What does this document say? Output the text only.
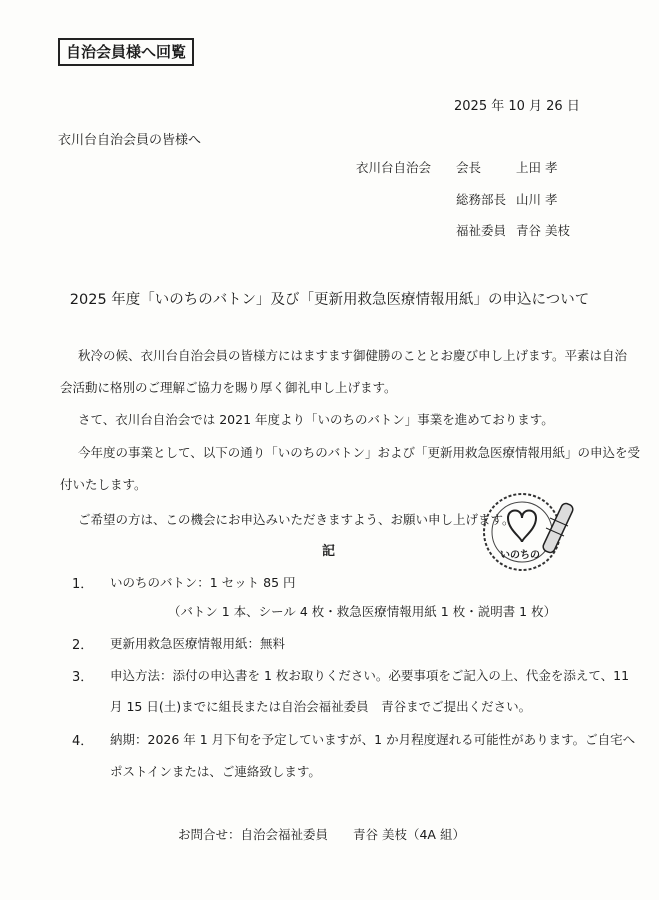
自治会員様へ回覧
2025 年 10 月 26 日
衣川台自治会員の皆様へ
衣川台自治会 会長	上田 孝
総務部長 山川 孝
福祉委員 青谷 美枝
2025 年度「いのちのバトン」及び「更新用救急医療情報用紙」の申込について
秋冷の候、衣川台自治会員の皆様方にはますます御健勝のこととお慶び申し上げます。平素は自治
会活動に格別のご理解ご協力を賜り厚く御礼申し上げます。
さて、衣川台自治会では 2021 年度より「いのちのバトン」事業を進めております。
今年度の事業として、以下の通り「いのちのバトン」および「更新用救急医療情報用紙」の申込を受
付いたします。
ご希望の方は、この機会にお申込みいただきますよう、お願い申し上げます。
記	いのちの
1． いのちのバトン：1 セット 85 円
（バトン 1 本、シール 4 枚・救急医療情報用紙 1 枚・説明書 1 枚）
2． 更新用救急医療情報用紙：無料
3． 申込方法：添付の申込書を 1 枚お取りください。必要事項をご記入の上、代金を添えて、11
月 15 日(土)までに組長または自治会福祉委員　青谷までご提出ください。
4． 納期：2026 年 1 月下旬を予定していますが、1 か月程度遅れる可能性があります。ご自宅へ
ポストインまたは、ご連絡致します。
お問合せ：自治会福祉委員　　青谷 美枝（4A 組）
